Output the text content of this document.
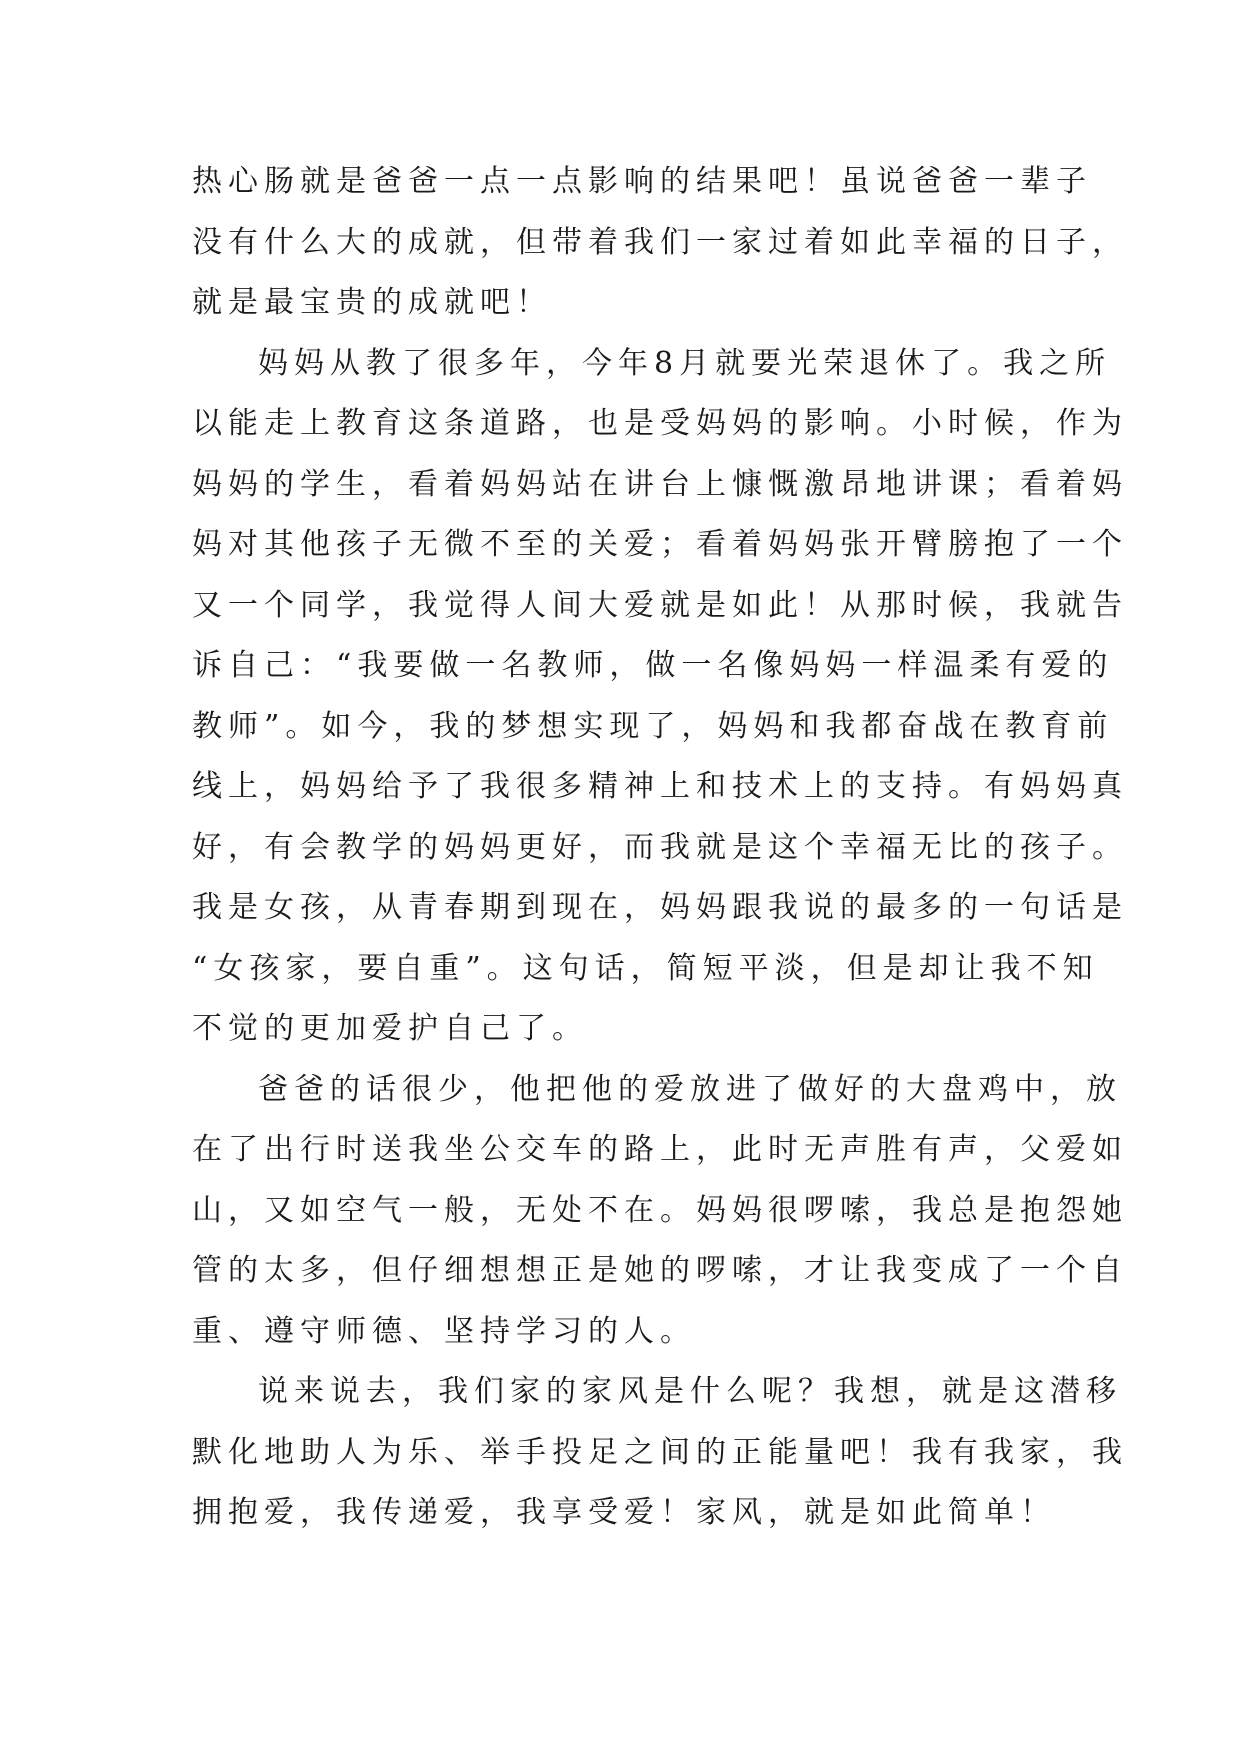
热心肠就是爸爸一点一点影响的结果吧！虽说爸爸一辈子
没有什么大的成就，但带着我们一家过着如此幸福的日子，
就是最宝贵的成就吧！
妈妈从教了很多年，今年8月就要光荣退休了。我之所
以能走上教育这条道路，也是受妈妈的影响。小时候，作为
妈妈的学生，看着妈妈站在讲台上慷慨激昂地讲课；看着妈
妈对其他孩子无微不至的关爱；看着妈妈张开臂膀抱了一个
又一个同学，我觉得人间大爱就是如此！从那时候，我就告
诉自己：“我要做一名教师，做一名像妈妈一样温柔有爱的
教师”。如今，我的梦想实现了，妈妈和我都奋战在教育前
线上，妈妈给予了我很多精神上和技术上的支持。有妈妈真
好，有会教学的妈妈更好，而我就是这个幸福无比的孩子。
我是女孩，从青春期到现在，妈妈跟我说的最多的一句话是
“女孩家，要自重”。这句话，简短平淡，但是却让我不知
不觉的更加爱护自己了。
爸爸的话很少，他把他的爱放进了做好的大盘鸡中，放
在了出行时送我坐公交车的路上，此时无声胜有声，父爱如
山，又如空气一般，无处不在。妈妈很啰嗦，我总是抱怨她
管的太多，但仔细想想正是她的啰嗦，才让我变成了一个自
重、遵守师德、坚持学习的人。
说来说去，我们家的家风是什么呢？我想，就是这潜移
默化地助人为乐、举手投足之间的正能量吧！我有我家，我
拥抱爱，我传递爱，我享受爱！家风，就是如此简单！
